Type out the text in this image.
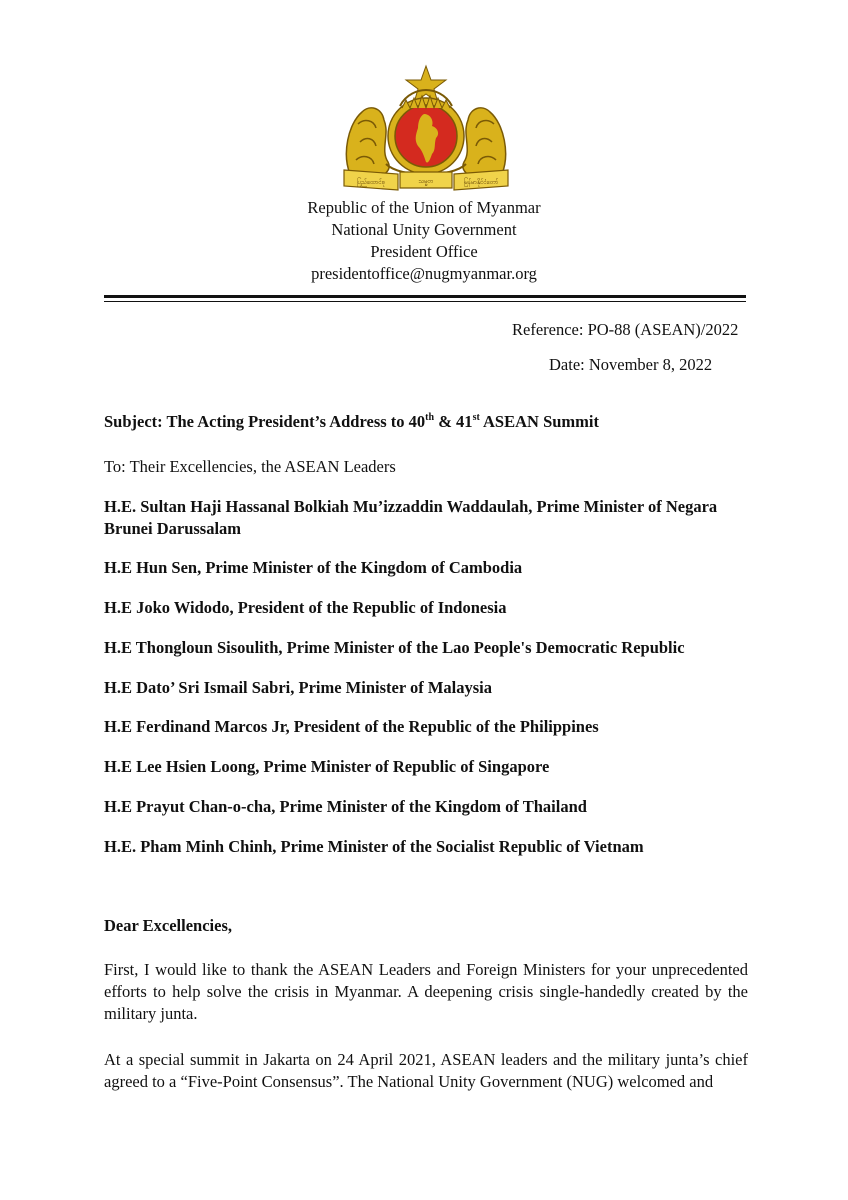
ပြည်ထောင်စု	သမ္မတ	မြန်မာနိုင်ငံတော်
Republic of the Union of Myanmar
National Unity Government
President Office
presidentoffice@nugmyanmar.org
Reference: PO-88 (ASEAN)/2022
Date: November 8, 2022
Subject: The Acting President’s Address to 40th & 41st ASEAN Summit
To: Their Excellencies, the ASEAN Leaders
H.E. Sultan Haji Hassanal Bolkiah Mu’izzaddin Waddaulah, Prime Minister of Negara Brunei Darussalam
H.E Hun Sen, Prime Minister of the Kingdom of Cambodia
H.E Joko Widodo, President of the Republic of Indonesia
H.E Thongloun Sisoulith, Prime Minister of the Lao People's Democratic Republic
H.E Dato’ Sri Ismail Sabri, Prime Minister of Malaysia
H.E Ferdinand Marcos Jr, President of the Republic of the Philippines
H.E Lee Hsien Loong, Prime Minister of Republic of Singapore
H.E Prayut Chan-o-cha, Prime Minister of the Kingdom of Thailand
H.E. Pham Minh Chinh, Prime Minister of the Socialist Republic of Vietnam
Dear Excellencies,
First, I would like to thank the ASEAN Leaders and Foreign Ministers for your unprecedented efforts to help solve the crisis in Myanmar. A deepening crisis single-handedly created by the military junta.
At a special summit in Jakarta on 24 April 2021, ASEAN leaders and the military junta’s chief agreed to a “Five-Point Consensus”. The National Unity Government (NUG) welcomed and
